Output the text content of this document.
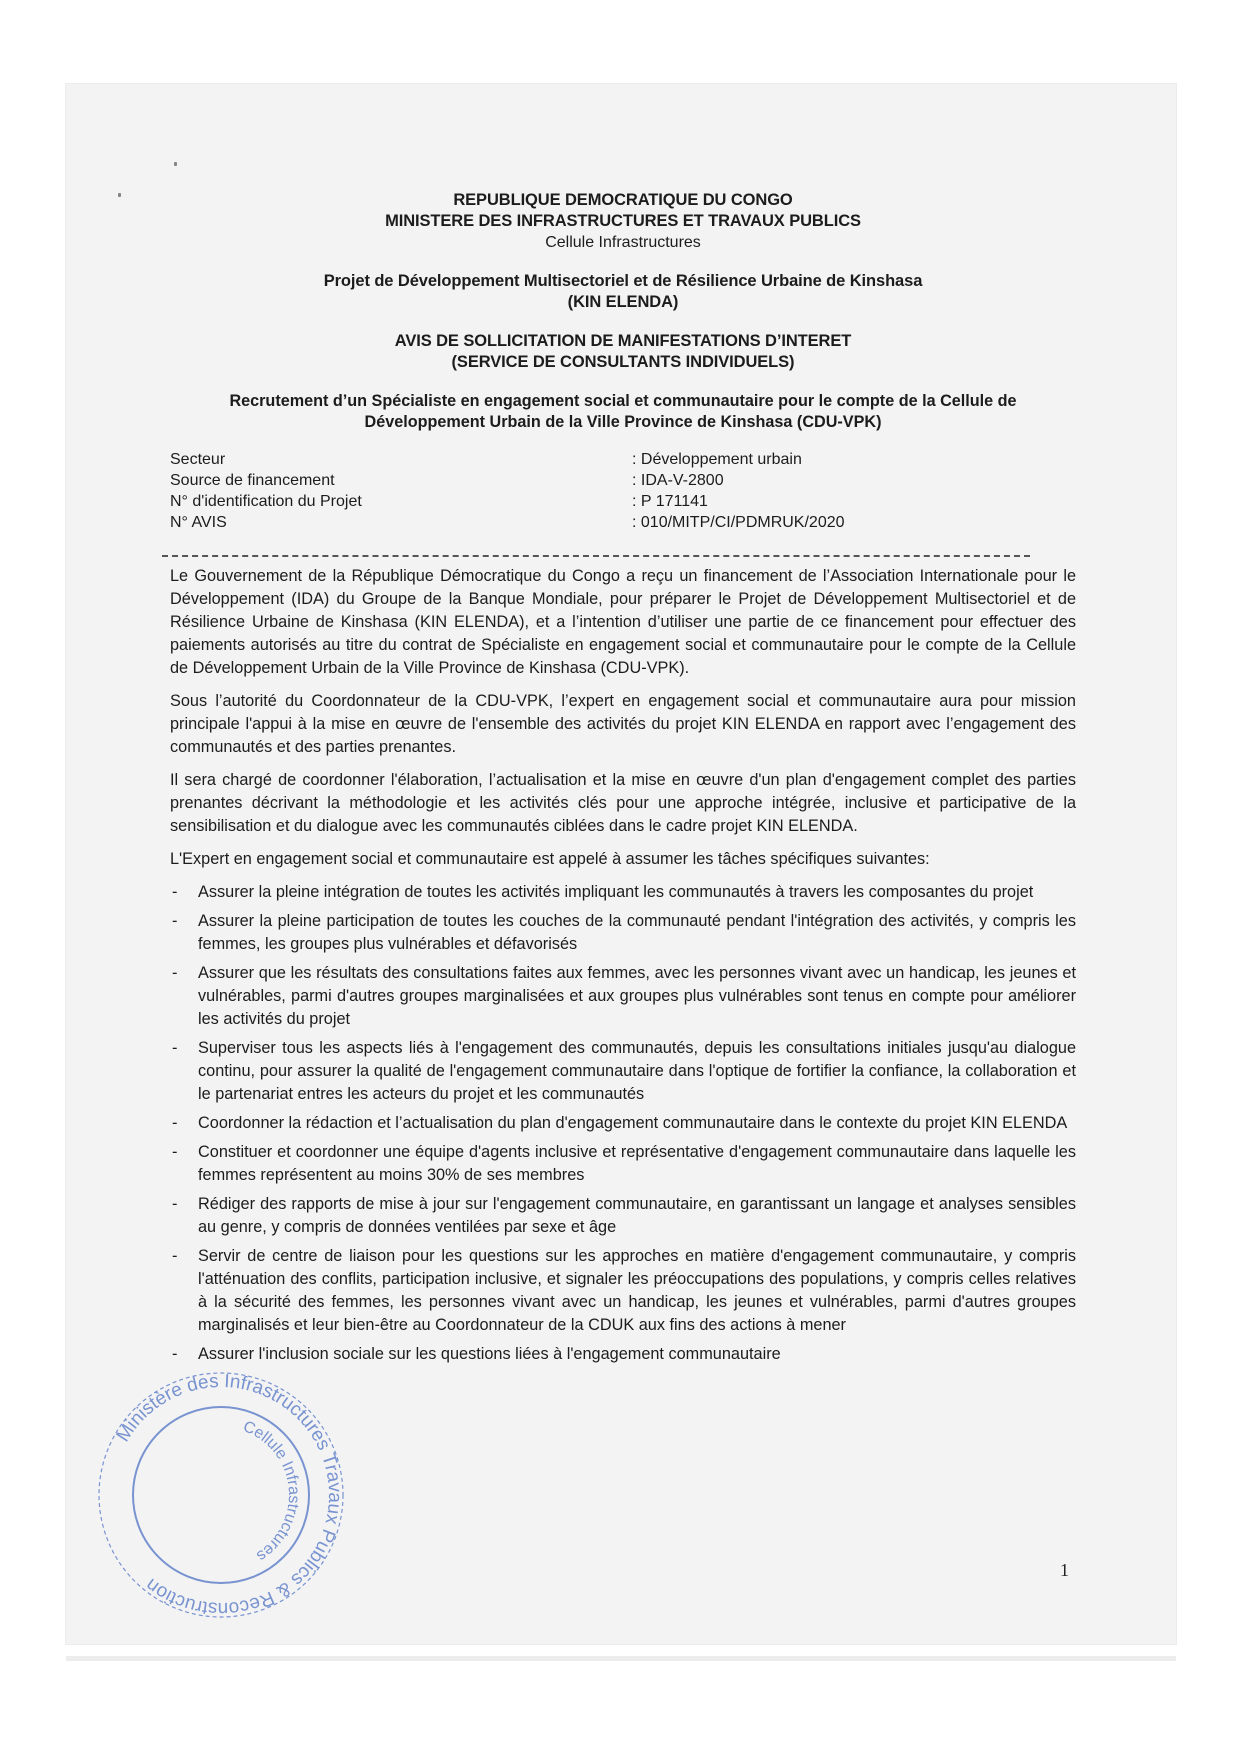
REPUBLIQUE DEMOCRATIQUE DU CONGO
MINISTERE DES INFRASTRUCTURES ET TRAVAUX PUBLICS
Cellule Infrastructures
Projet de Développement Multisectoriel et de Résilience Urbaine de Kinshasa
(KIN ELENDA)
AVIS DE SOLLICITATION DE MANIFESTATIONS D’INTERET
(SERVICE DE CONSULTANTS INDIVIDUELS)
Recrutement d’un Spécialiste en engagement social et communautaire pour le compte de la Cellule de
Développement Urbain de la Ville Province de Kinshasa (CDU-VPK)
Secteur	: Développement urbain
Source de financement	: IDA-V-2800
N° d'identification du Projet	: P 171141
N° AVIS	: 010/MITP/CI/PDMRUK/2020

Le Gouvernement de la République Démocratique du Congo a reçu un financement de l’Association Internationale pour le Développement (IDA) du Groupe de la Banque Mondiale, pour préparer le Projet de Développement Multisectoriel et de Résilience Urbaine de Kinshasa (KIN ELENDA), et a l’intention d’utiliser une partie de ce financement pour effectuer des paiements autorisés au titre du contrat de Spécialiste en engagement social et communautaire pour le compte de la Cellule de Développement Urbain de la Ville Province de Kinshasa (CDU-VPK).

Sous l’autorité du Coordonnateur de la CDU-VPK, l’expert en engagement social et communautaire aura pour mission principale l'appui à la mise en œuvre de l'ensemble des activités du projet KIN ELENDA en rapport avec l’engagement des communautés et des parties prenantes.

Il sera chargé de coordonner l'élaboration, l’actualisation et la mise en œuvre d'un plan d'engagement complet des parties prenantes décrivant la méthodologie et les activités clés pour une approche intégrée, inclusive et participative de la sensibilisation et du dialogue avec les communautés ciblées dans le cadre projet KIN ELENDA.

L'Expert en engagement social et communautaire est appelé à assumer les tâches spécifiques suivantes:

- Assurer la pleine intégration de toutes les activités impliquant les communautés à travers les composantes du projet
- Assurer la pleine participation de toutes les couches de la communauté pendant l'intégration des activités, y compris les femmes, les groupes plus vulnérables et défavorisés
- Assurer que les résultats des consultations faites aux femmes, avec les personnes vivant avec un handicap, les jeunes et vulnérables, parmi d'autres groupes marginalisées et aux groupes plus vulnérables sont tenus en compte pour améliorer les activités du projet
- Superviser tous les aspects liés à l'engagement des communautés, depuis les consultations initiales jusqu'au dialogue continu, pour assurer la qualité de l'engagement communautaire dans l'optique de fortifier la confiance, la collaboration et le partenariat entres les acteurs du projet et les communautés
- Coordonner la rédaction et l’actualisation du plan d'engagement communautaire dans le contexte du projet KIN ELENDA
- Constituer et coordonner une équipe d'agents inclusive et représentative d'engagement communautaire dans laquelle les femmes représentent au moins 30% de ses membres
- Rédiger des rapports de mise à jour sur l'engagement communautaire, en garantissant un langage et analyses sensibles au genre, y compris de données ventilées par sexe et âge
- Servir de centre de liaison pour les questions sur les approches en matière d'engagement communautaire, y compris l'atténuation des conflits, participation inclusive, et signaler les préoccupations des populations, y compris celles relatives à la sécurité des femmes, les personnes vivant avec un handicap, les jeunes et vulnérables, parmi d'autres groupes marginalisés et leur bien-être au Coordonnateur de la CDUK aux fins des actions à mener
- Assurer l'inclusion sociale sur les questions liées à l'engagement communautaire
Ministère des Infrastructures Travaux Publics & Reconstruction
Cellule Infrastructures
1
